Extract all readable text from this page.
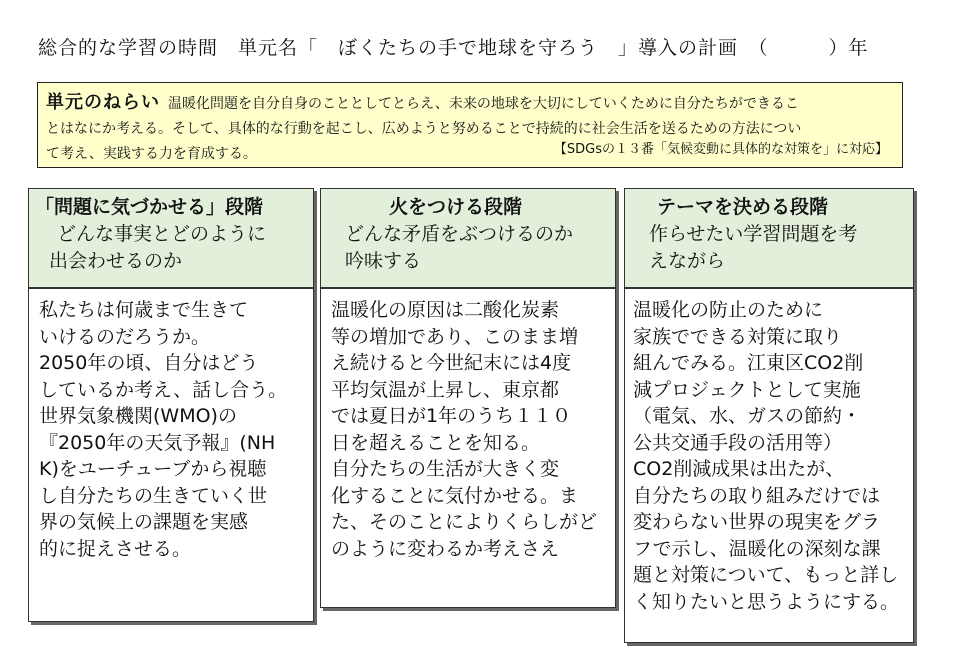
総合的な学習の時間　単元名「　ぼくたちの手で地球を守ろう　」導入の計画　（　　　）年
単元のねらい 温暖化問題を自分自身のこととしてとらえ、未来の地球を大切にしていくために自分たちができるこ
とはなにか考える。そして、具体的な行動を起こし、広めようと努めることで持続的に社会生活を送るための方法につい
て考え、実践する力を育成する。	【SDGsの１３番「気候変動に具体的な対策を」に対応】
「問題に気づかせる」段階
どんな事実とどのように
出会わせるのか
私たちは何歳まで生きて
いけるのだろうか。
2050年の頃、自分はどう
しているか考え、話し合う。
世界気象機関(WMO)の
『2050年の天気予報』(NH
K)をユーチューブから視聴
し自分たちの生きていく世
界の気候上の課題を実感
的に捉えさせる。
火をつける段階
どんな矛盾をぶつけるのか
吟味する
温暖化の原因は二酸化炭素
等の増加であり、このまま増
え続けると今世紀末には4度
平均気温が上昇し、東京都
では夏日が1年のうち１１０
日を超えることを知る。
自分たちの生活が大きく変
化することに気付かせる。ま
た、そのことによりくらしがど
のように変わるか考えさえ
テーマを決める段階
作らせたい学習問題を考
えながら
温暖化の防止のために
家族でできる対策に取り
組んでみる。江東区CO2削
減プロジェクトとして実施
（電気、水、ガスの節約・
公共交通手段の活用等）
CO2削減成果は出たが、
自分たちの取り組みだけでは
変わらない世界の現実をグラ
フで示し、温暖化の深刻な課
題と対策について、もっと詳し
く知りたいと思うようにする。
